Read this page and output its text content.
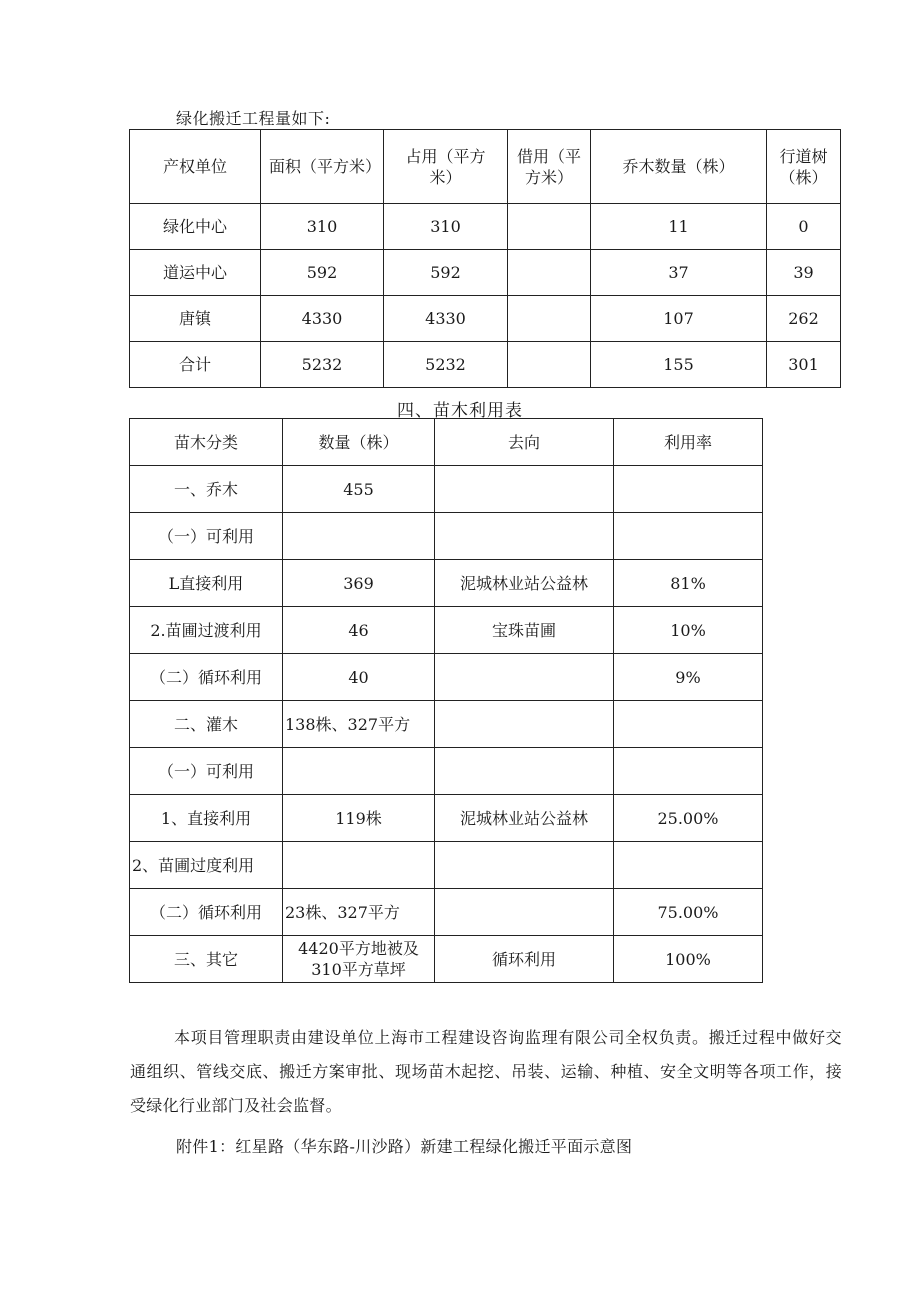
绿化搬迁工程量如下:
产权单位	面积（平方米）	占用（平方米）	借用（平方米）	乔木数量（株）	行道树（株）
绿化中心	310	310		11	0
道运中心	592	592		37	39
唐镇	4330	4330		107	262
合计	5232	5232		155	301
四、苗木利用表
苗木分类	数量（株）	去向	利用率
一、乔木	455		
（一）可利用			
L直接利用	369	泥城林业站公益林	81%
2.苗圃过渡利用	46	宝珠苗圃	10%
（二）循环利用	40		9%
二、灌木	138株、327平方		
（一）可利用			
1、直接利用	119株	泥城林业站公益林	25.00%
2、苗圃过度利用			
（二）循环利用	23株、327平方		75.00%
三、其它	4420平方地被及310平方草坪	循环利用	100%
本项目管理职责由建设单位上海市工程建设咨询监理有限公司全权负责。搬迁过程中做好交通组织、管线交底、搬迁方案审批、现场苗木起挖、吊装、运输、种植、安全文明等各项工作，接受绿化行业部门及社会监督。
附件1：红星路（华东路-川沙路）新建工程绿化搬迁平面示意图
